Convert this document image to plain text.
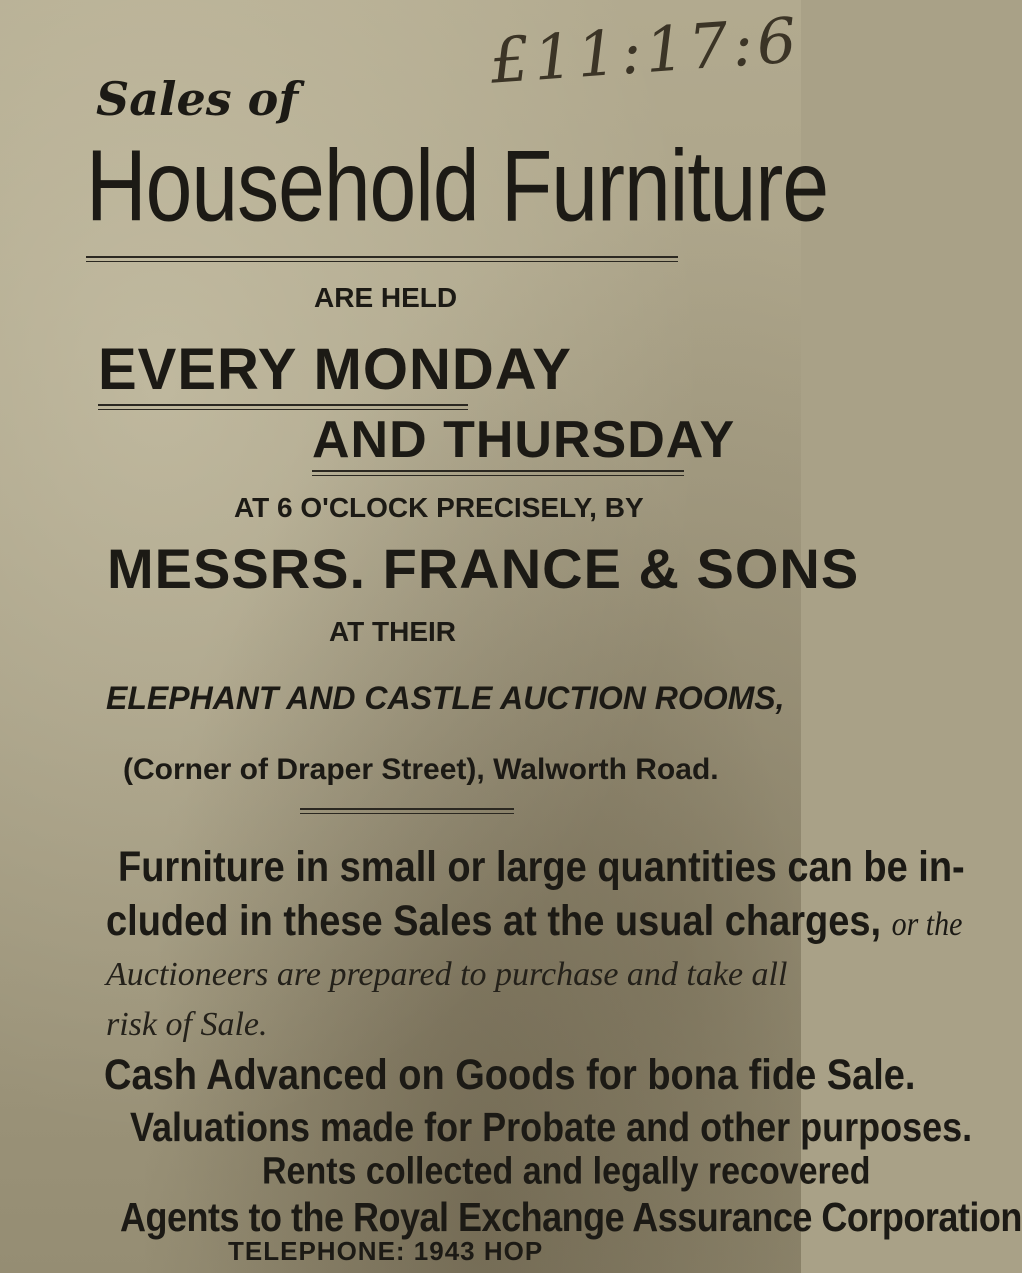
£11:17:6
Sales of
Household Furniture
ARE HELD
EVERY MONDAY
AND THURSDAY
AT 6 O'CLOCK PRECISELY, BY
MESSRS. FRANCE & SONS
AT THEIR
ELEPHANT AND CASTLE AUCTION ROOMS,
(Corner of Draper Street), Walworth Road.
Furniture in small or large quantities can be in-
cluded in these Sales at the usual charges, or the
Auctioneers are prepared to purchase and take all
risk of Sale.
Cash Advanced on Goods for bona fide Sale.
Valuations made for Probate and other purposes.
Rents collected and legally recovered
Agents to the Royal Exchange Assurance Corporation
TELEPHONE: 1943 HOP
